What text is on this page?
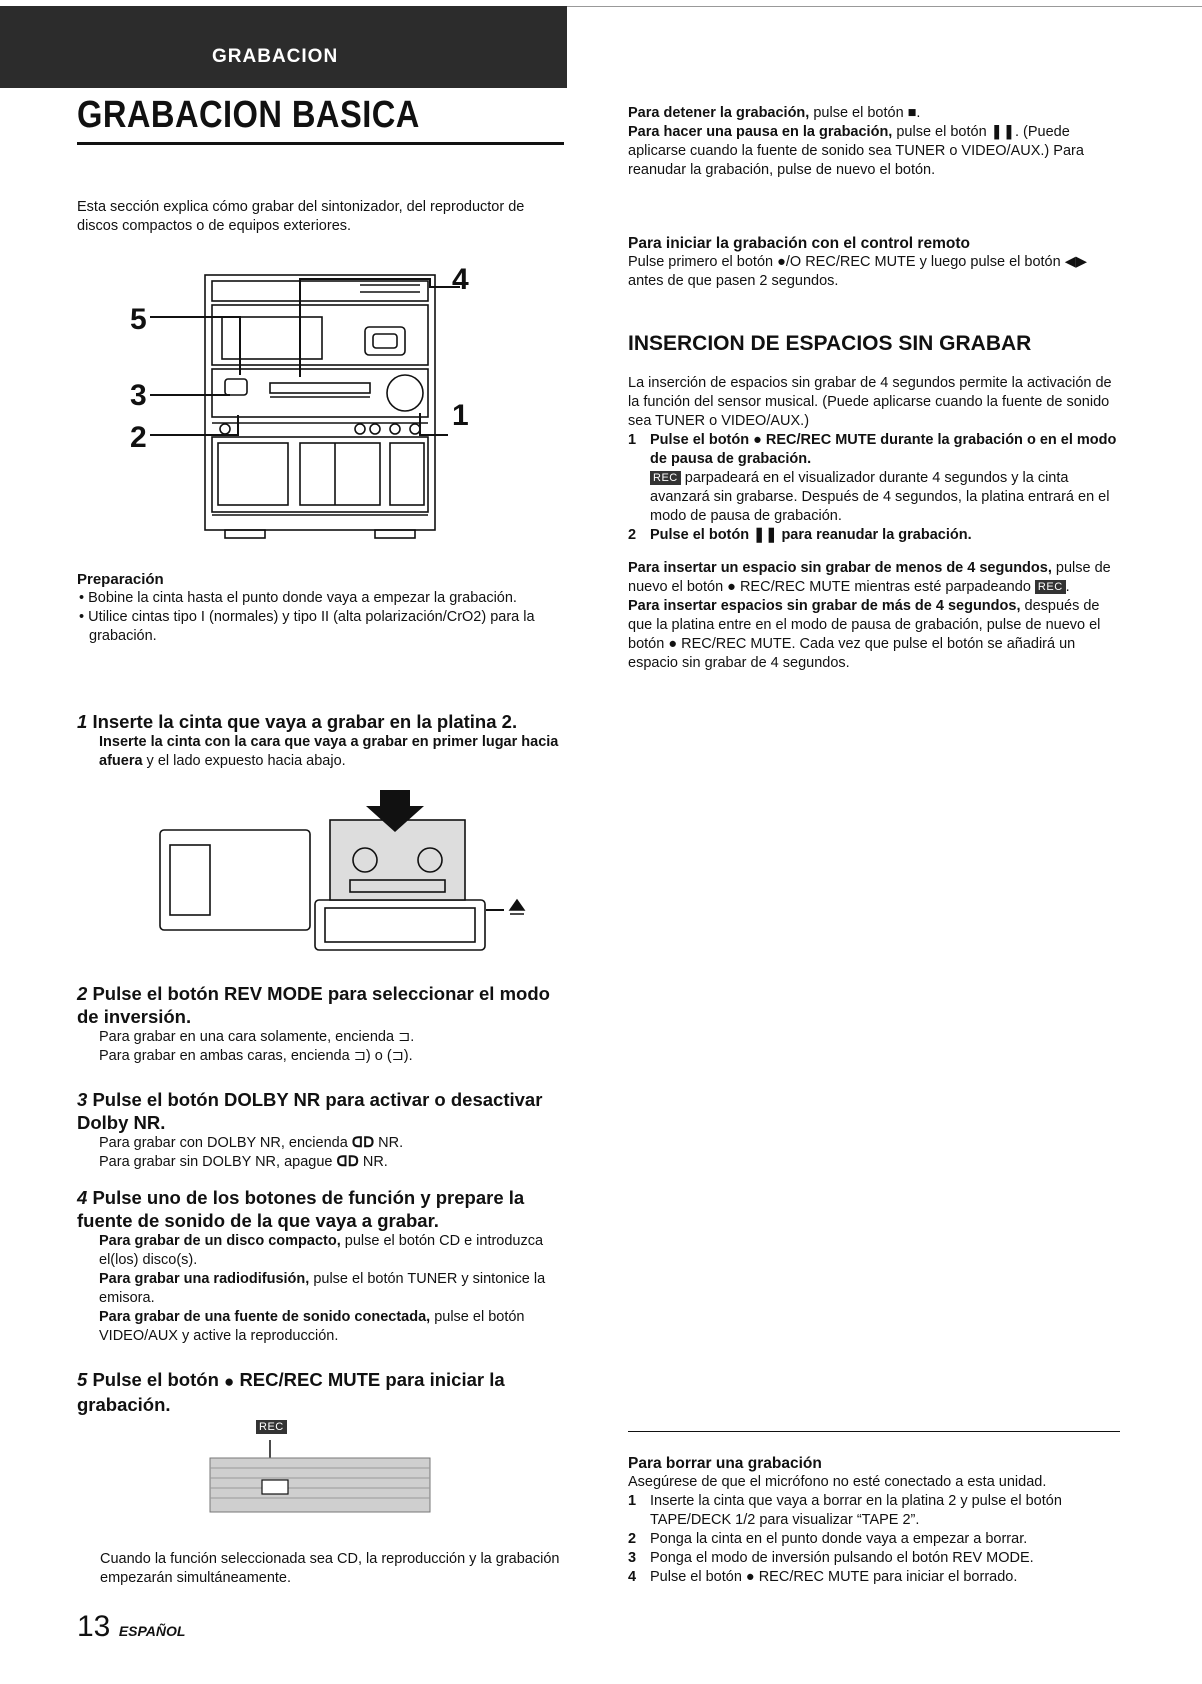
GRABACION
GRABACION BASICA

Esta sección explica cómo grabar del sintonizador, del reproductor de discos compactos o de equipos exteriores.

4
5
3
2
1

Preparación

• Bobine la cinta hasta el punto donde vaya a empezar la grabación.

• Utilice cintas tipo I (normales) y tipo II (alta polarización/CrO2) para la grabación.

1 Inserte la cinta que vaya a grabar en la platina 2.

Inserte la cinta con la cara que vaya a grabar en primer lugar hacia afuera y el lado expuesto hacia abajo.

2 Pulse el botón REV MODE para seleccionar el modo de inversión.

Para grabar en una cara solamente, encienda ⊐.

Para grabar en ambas caras, encienda ⊐) o (⊐).

3 Pulse el botón DOLBY NR para activar o desactivar Dolby NR.

Para grabar con DOLBY NR, encienda ᗡᗞ NR.

Para grabar sin DOLBY NR, apague ᗡᗞ NR.

4 Pulse uno de los botones de función y prepare la fuente de sonido de la que vaya a grabar.

Para grabar de un disco compacto, pulse el botón CD e introduzca el(los) disco(s).

Para grabar una radiodifusión, pulse el botón TUNER y sintonice la emisora.

Para grabar de una fuente de sonido conectada, pulse el botón VIDEO/AUX y active la reproducción.

5 Pulse el botón ● REC/REC MUTE para iniciar la grabación.

REC

Cuando la función seleccionada sea CD, la reproducción y la grabación empezarán simultáneamente.

13 ESPAÑOL

Para detener la grabación, pulse el botón ■.

Para hacer una pausa en la grabación, pulse el botón ❚❚. (Puede aplicarse cuando la fuente de sonido sea TUNER o VIDEO/AUX.) Para reanudar la grabación, pulse de nuevo el botón.

Para iniciar la grabación con el control remoto

Pulse primero el botón ●/O REC/REC MUTE y luego pulse el botón ◀▶ antes de que pasen 2 segundos.

INSERCION DE ESPACIOS SIN GRABAR

La inserción de espacios sin grabar de 4 segundos permite la activación de la función del sensor musical. (Puede aplicarse cuando la fuente de sonido sea TUNER o VIDEO/AUX.)

1 Pulse el botón ● REC/REC MUTE durante la grabación o en el modo de pausa de grabación.

REC parpadeará en el visualizador durante 4 segundos y la cinta avanzará sin grabarse. Después de 4 segundos, la platina entrará en el modo de pausa de grabación.

2 Pulse el botón ❚❚ para reanudar la grabación.

Para insertar un espacio sin grabar de menos de 4 segundos, pulse de nuevo el botón ● REC/REC MUTE mientras esté parpadeando REC .

Para insertar espacios sin grabar de más de 4 segundos, después de que la platina entre en el modo de pausa de grabación, pulse de nuevo el botón ● REC/REC MUTE. Cada vez que pulse el botón se añadirá un espacio sin grabar de 4 segundos.

Para borrar una grabación

Asegúrese de que el micrófono no esté conectado a esta unidad.

1 Inserte la cinta que vaya a borrar en la platina 2 y pulse el botón TAPE/DECK 1/2 para visualizar “TAPE 2”.

2 Ponga la cinta en el punto donde vaya a empezar a borrar.

3 Ponga el modo de inversión pulsando el botón REV MODE.

4 Pulse el botón ● REC/REC MUTE para iniciar el borrado.
